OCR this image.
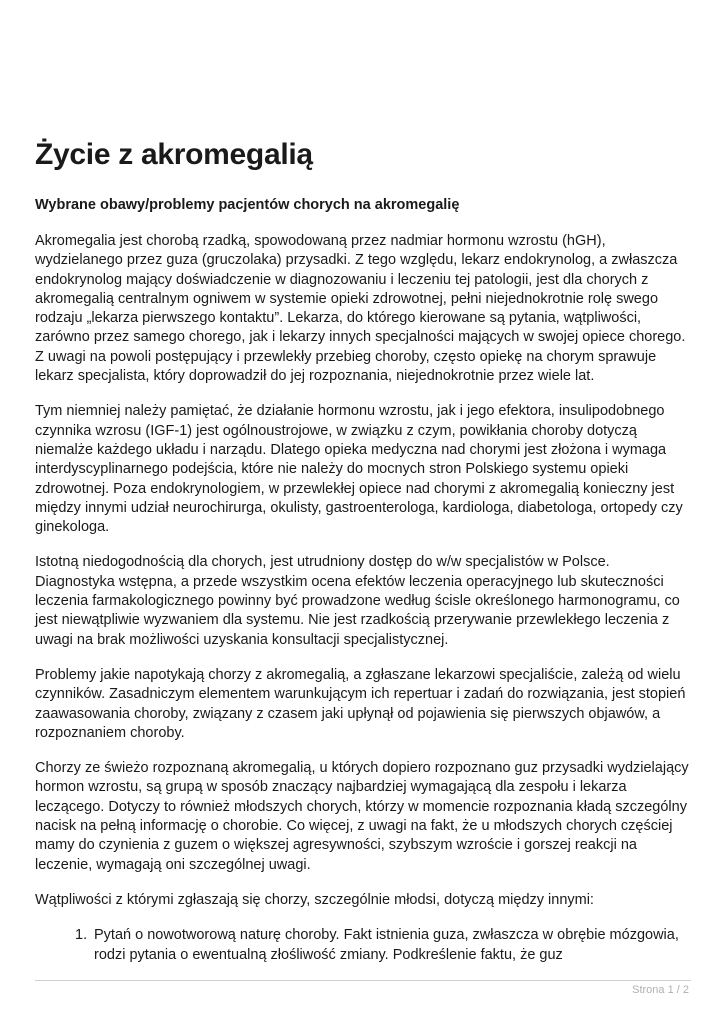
Życie z akromegalią

Wybrane obawy/problemy pacjentów chorych na akromegalię

Akromegalia jest chorobą rzadką, spowodowaną przez nadmiar hormonu wzrostu (hGH), wydzielanego przez guza (gruczolaka) przysadki. Z tego względu, lekarz endokrynolog, a zwłaszcza endokrynolog mający doświadczenie w diagnozowaniu i leczeniu tej patologii, jest dla chorych z akromegalią centralnym ogniwem w systemie opieki zdrowotnej, pełni niejednokrotnie rolę swego rodzaju „lekarza pierwszego kontaktu”. Lekarza, do którego kierowane są pytania, wątpliwości, zarówno przez samego chorego, jak i lekarzy innych specjalności mających w swojej opiece chorego. Z uwagi na powoli postępujący i przewlekły przebieg choroby, często opiekę na chorym sprawuje lekarz specjalista, który doprowadził do jej rozpoznania, niejednokrotnie przez wiele lat.

Tym niemniej należy pamiętać, że działanie hormonu wzrostu, jak i jego efektora, insulipodobnego czynnika wzrosu (IGF-1) jest ogólnoustrojowe, w związku z czym, powikłania choroby dotyczą niemalże każdego układu i narządu. Dlatego opieka medyczna nad chorymi jest złożona i wymaga interdyscyplinarnego podejścia, które nie należy do mocnych stron Polskiego systemu opieki zdrowotnej. Poza endokrynologiem, w przewlekłej opiece nad chorymi z akromegalią konieczny jest między innymi udział neurochirurga, okulisty, gastroenterologa, kardiologa, diabetologa, ortopedy czy ginekologa.

Istotną niedogodnością dla chorych, jest utrudniony dostęp do w/w specjalistów w Polsce. Diagnostyka wstępna, a przede wszystkim ocena efektów leczenia operacyjnego lub skuteczności leczenia farmakologicznego powinny być prowadzone według ścisle określonego harmonogramu, co jest niewątpliwie wyzwaniem dla systemu. Nie jest rzadkością przerywanie przewlekłego leczenia z uwagi na brak możliwości uzyskania konsultacji specjalistycznej.

Problemy jakie napotykają chorzy z akromegalią, a zgłaszane lekarzowi specjaliście, zależą od wielu czynników. Zasadniczym elementem warunkującym ich repertuar i zadań do rozwiązania, jest stopień zaawasowania choroby, związany z czasem jaki upłynął od pojawienia się pierwszych objawów, a rozpoznaniem choroby.

Chorzy ze świeżo rozpoznaną akromegalią, u których dopiero rozpoznano guz przysadki wydzielający hormon wzrostu, są grupą w sposób znaczący najbardziej wymagającą dla zespołu i lekarza leczącego. Dotyczy to również młodszych chorych, którzy w momencie rozpoznania kładą szczególny nacisk na pełną informację o chorobie. Co więcej, z uwagi na fakt, że u młodszych chorych częściej mamy do czynienia z guzem o większej agresywności, szybszym wzroście i gorszej reakcji na leczenie, wymagają oni szczególnej uwagi.

Wątpliwości z którymi zgłaszają się chorzy, szczególnie młodsi, dotyczą między innymi:

1. Pytań o nowotworową naturę choroby. Fakt istnienia guza, zwłaszcza w obrębie mózgowia, rodzi pytania o ewentualną złośliwość zmiany. Podkreślenie faktu, że guz
Strona 1 / 2
